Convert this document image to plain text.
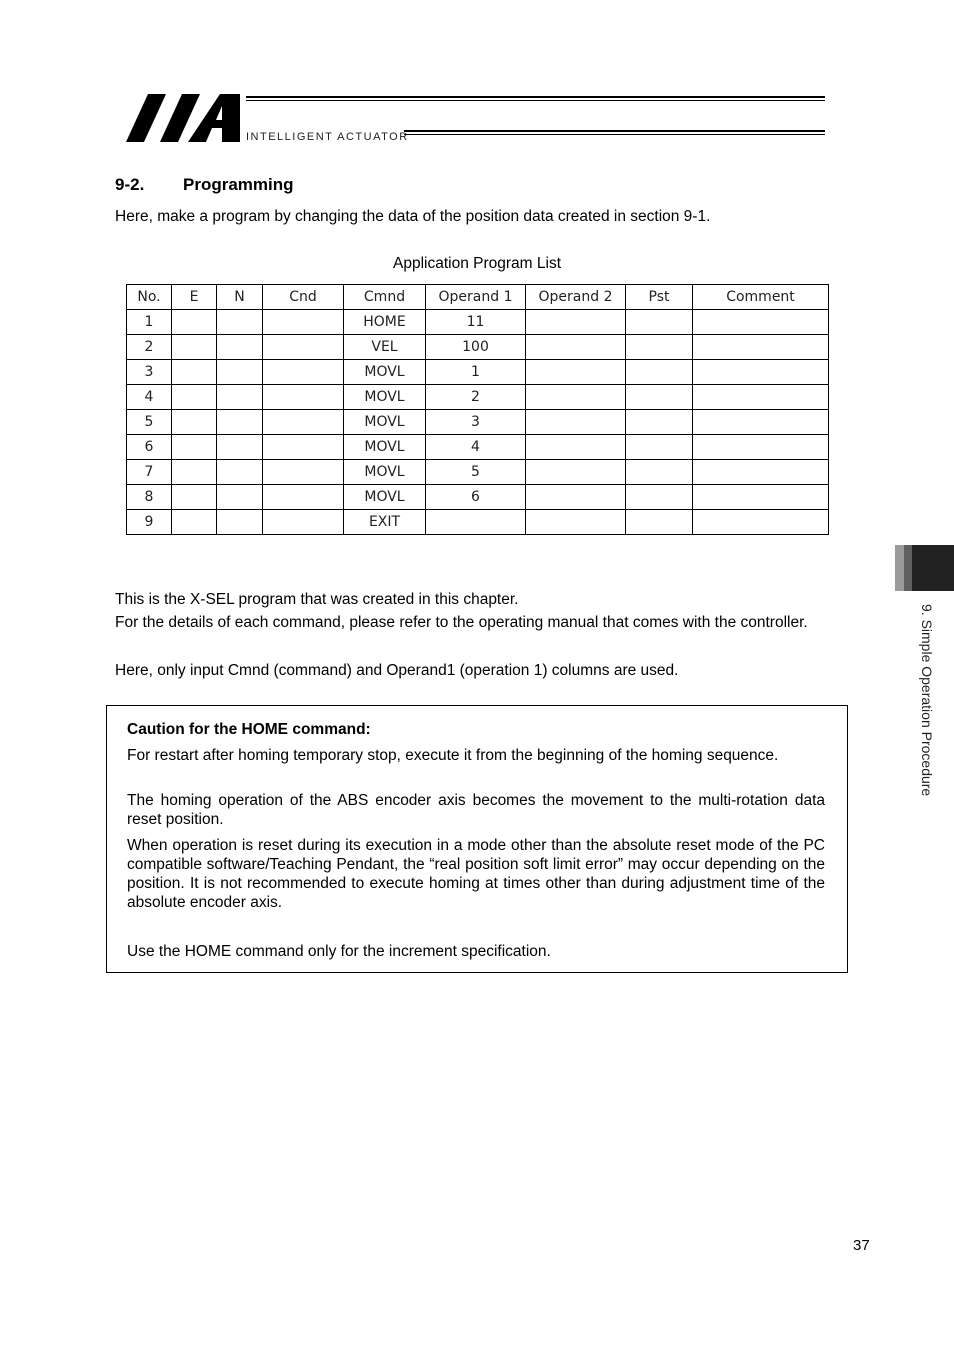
INTELLIGENT ACTUATOR
9-2. Programming
Here, make a program by changing the data of the position data created in section 9-1.
Application Program List
No.	E	N	Cnd	Cmnd	Operand 1	Operand 2	Pst	Comment
1				HOME	11			
2				VEL	100			
3				MOVL	1			
4				MOVL	2			
5				MOVL	3			
6				MOVL	4			
7				MOVL	5			
8				MOVL	6			
9				EXIT				
This is the X-SEL program that was created in this chapter.
For the details of each command, please refer to the operating manual that comes with the controller.
Here, only input Cmnd (command) and Operand1 (operation 1) columns are used.
Caution for the HOME command:
For restart after homing temporary stop, execute it from the beginning of the homing sequence.
The homing operation of the ABS encoder axis becomes the movement to the multi-rotation data reset position.
When operation is reset during its execution in a mode other than the absolute reset mode of the PC compatible software/Teaching Pendant, the “real position soft limit error” may occur depending on the position. It is not recommended to execute homing at times other than during adjustment time of the absolute encoder axis.
Use the HOME command only for the increment specification.
9. Simple Operation Procedure
37
